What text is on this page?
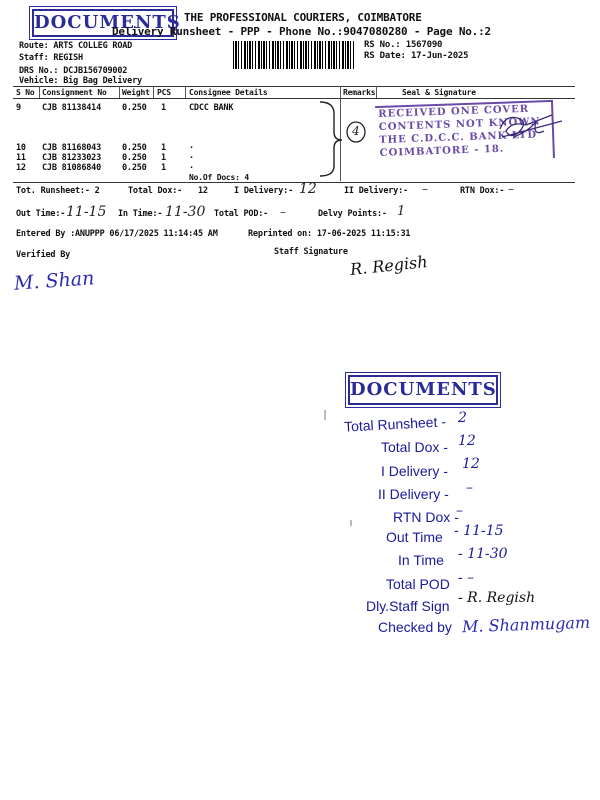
DOCUMENTS THE PROFESSIONAL COURIERS, COIMBATORE
Delivery Runsheet - PPP - Phone No.:9047080280 - Page No.:2
Route: ARTS COLLEG ROAD
Staff: REGISH
DRS No.: DCJB156709002
Vehicle: Big Bag Delivery
RS No.: 1567090
RS Date: 17-Jun-2025
S No Consignment No Weight PCS Consignee Details	Remarks	Seal & Signature
9 CJB 81138414 0.250 1	CDCC BANK
10 CJB 81168043 0.250 1	.
11 CJB 81233023 0.250 1	.
12 CJB 81086840 0.250 1	.
No.Of Docs: 4
4
RECEIVED ONE COVER
CONTENTS NOT KNOWN
THE C.D.C.C. BANK LTD
COIMBATORE - 18.
Tot. Runsheet:- 2	Total Dox:- 12	I Delivery:- 12	II Delivery:- –	RTN Dox:- –
Out Time:- 11-15 In Time:- 11-30 Total POD:- –	Delvy Points:- 1
Entered By :ANUPPP 06/17/2025 11:14:45 AM	Reprinted on: 17-06-2025 11:15:31
Verified By	Staff Signature
M. Shan
R. Regish
DOCUMENTS
Total Runsheet - 2
Total Dox - 12
I Delivery - 12
II Delivery - –
RTN Dox -
–
Out Time - 11-15
In Time - 11-30
Total POD - –
Dly.Staff Sign - R. Regish
Checked by M. Shanmugam
